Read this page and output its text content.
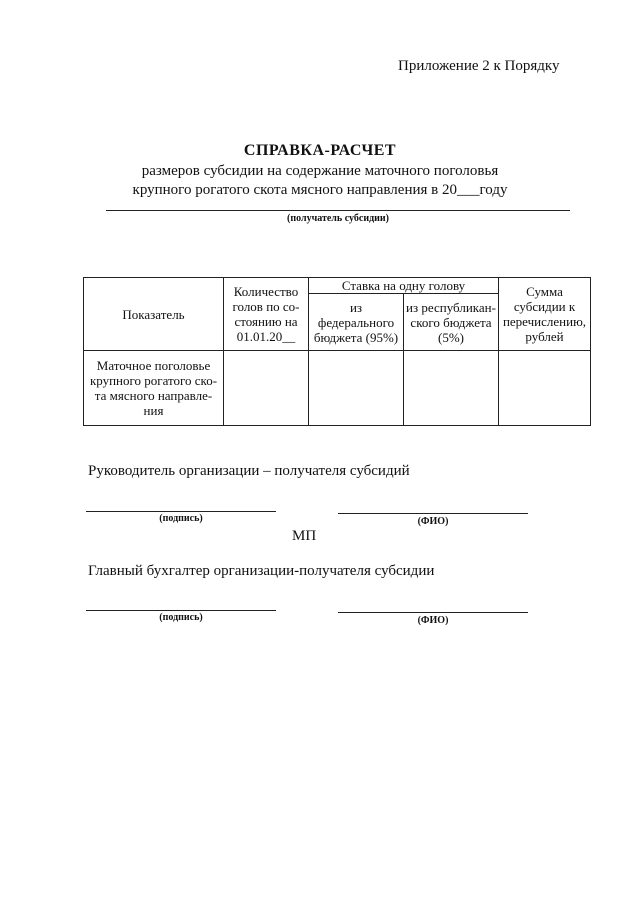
Приложение 2 к Порядку
СПРАВКА-РАСЧЕТ
размеров субсидии на содержание маточного поголовья
крупного рогатого скота мясного направления в 20___году
(получатель субсидии)
Показатель	Количество голов по со-стоянию на 01.01.20__	Ставка на одну голову		Сумма субсидии к перечислению, рублей
		из федерального бюджета (95%)	из республикан-ского бюджета (5%)	
Маточное поголовье крупного рогатого ско-та мясного направле-ния				
Руководитель организации – получателя субсидий
(подпись)	(ФИО)
МП
Главный бухгалтер организации-получателя субсидии
(подпись)	(ФИО)
